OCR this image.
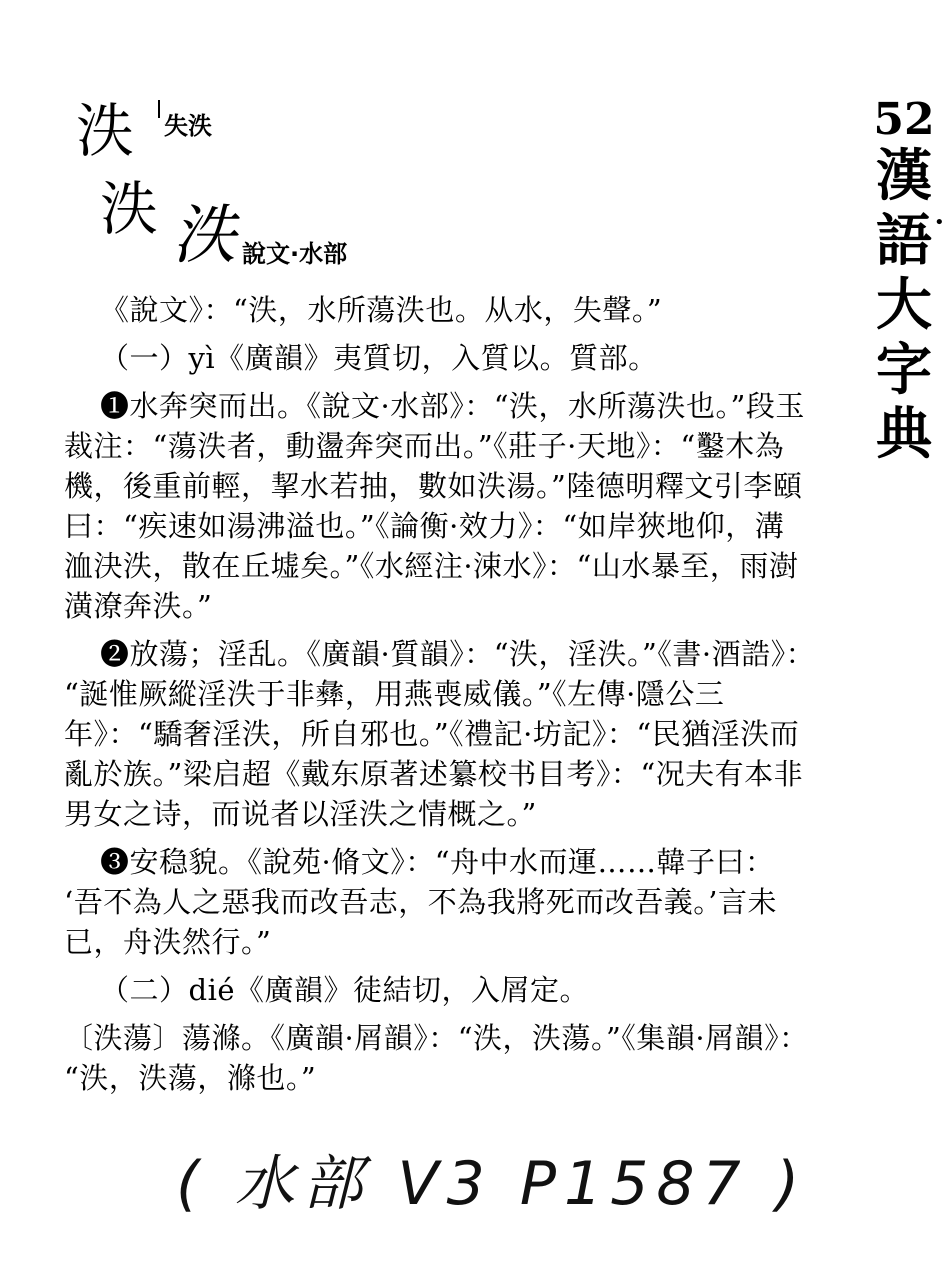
泆 失泆
泆 泆 說文·水部
52
漢
語
大
字
典
•
《說文》：“泆，水所蕩泆也。从水，失聲。”
（一）yì《廣韻》夷質切，入質以。質部。
❶水奔突而出。《說文·水部》：“泆，水所蕩泆也。”段玉
裁注：“蕩泆者，動盪奔突而出。”《莊子·天地》：“鑿木為
機，後重前輕，挈水若抽，數如泆湯。”陸德明釋文引李頤
曰：“疾速如湯沸溢也。”《論衡·效力》：“如岸狹地仰，溝
洫決泆，散在丘墟矣。”《水經注·涑水》：“山水暴至，雨澍
潢潦奔泆。”
❷放蕩；淫乱。《廣韻·質韻》：“泆，淫泆。”《書·酒誥》：
“誕惟厥縱淫泆于非彝，用燕喪威儀。”《左傳·隱公三
年》：“驕奢淫泆，所自邪也。”《禮記·坊記》：“民猶淫泆而
亂於族。”梁启超《戴东原著述纂校书目考》：“况夫有本非
男女之诗，而说者以淫泆之情概之。”
❸安稳貌。《說苑·脩文》：“舟中水而運……韓子曰：
‘吾不為人之惡我而改吾志，不為我將死而改吾義。’言未
已，舟泆然行。”
（二）dié《廣韻》徒結切，入屑定。
〔泆蕩〕蕩滌。《廣韻·屑韻》：“泆，泆蕩。”《集韻·屑韻》：
“泆，泆蕩，滌也。”
( 水部 V3 P1587 )
